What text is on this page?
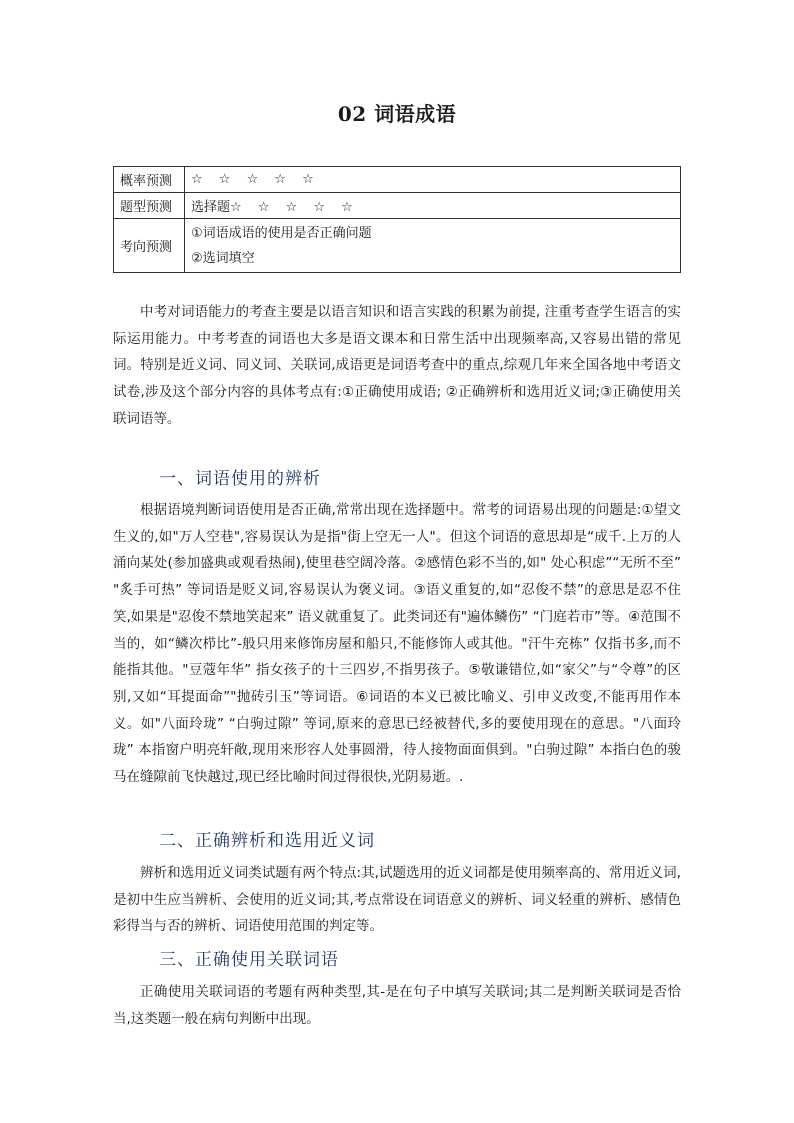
02 词语成语
概率预测	☆ ☆ ☆ ☆ ☆
题型预测	选择题☆ ☆ ☆ ☆ ☆
考向预测	①词语成语的使用是否正确问题
②选词填空

中考对词语能力的考查主要是以语言知识和语言实践的积累为前提, 注重考查学生语言的实际运用能力。中考考查的词语也大多是语文课本和日常生活中出现频率高,又容易出错的常见词。特别是近义词、同义词、关联词,成语更是词语考查中的重点,综观几年来全国各地中考语文试卷,涉及这个部分内容的具体考点有:①正确使用成语; ②正确辨析和选用近义词;③正确使用关联词语等。

一、词语使用的辨析

根据语境判断词语使用是否正确,常常出现在选择题中。常考的词语易出现的问题是:①望文生义的,如"万人空巷",容易误认为是指"街上空无一人"。但这个词语的意思却是“成千.上万的人涌向某处(参加盛典或观看热闹),使里巷空阔冷落。②感情色彩不当的,如" 处心积虑”“无所不至” "炙手可热” 等词语是贬义词,容易误认为褒义词。③语义重复的,如“忍俊不禁”的意思是忍不住笑,如果是"忍俊不禁地笑起来” 语义就重复了。此类词还有"遍体鳞伤” “门庭若市”等。④范围不当的，如“鳞次栉比”-般只用来修饰房屋和船只,不能修饰人或其他。"汗牛充栋” 仅指书多,而不能指其他。"豆蔻年华” 指女孩子的十三四岁,不指男孩子。⑤敬谦错位,如“家父”与“令尊”的区别,又如“耳提面命”"抛砖引玉”等词语。⑥词语的本义已被比喻义、引申义改变,不能再用作本义。如"八面玲珑” “白驹过隙” 等词,原来的意思已经被替代,多的要使用现在的意思。"八面玲珑” 本指窗户明亮轩敞,现用来形容人处事圆滑，待人接物面面俱到。"白驹过隙” 本指白色的骏马在缝隙前飞快越过,现已经比喻时间过得很快,光阴易逝。.

二、正确辨析和选用近义词

辨析和选用近义词类试题有两个特点:其,试题选用的近义词都是使用频率高的、常用近义词,是初中生应当辨析、会使用的近义词;其,考点常设在词语意义的辨析、词义轻重的辨析、感情色彩得当与否的辨析、词语使用范围的判定等。

三、正确使用关联词语

正确使用关联词语的考题有两种类型,其-是在句子中填写关联词;其二是判断关联词是否恰当,这类题一般在病句判断中出现。
